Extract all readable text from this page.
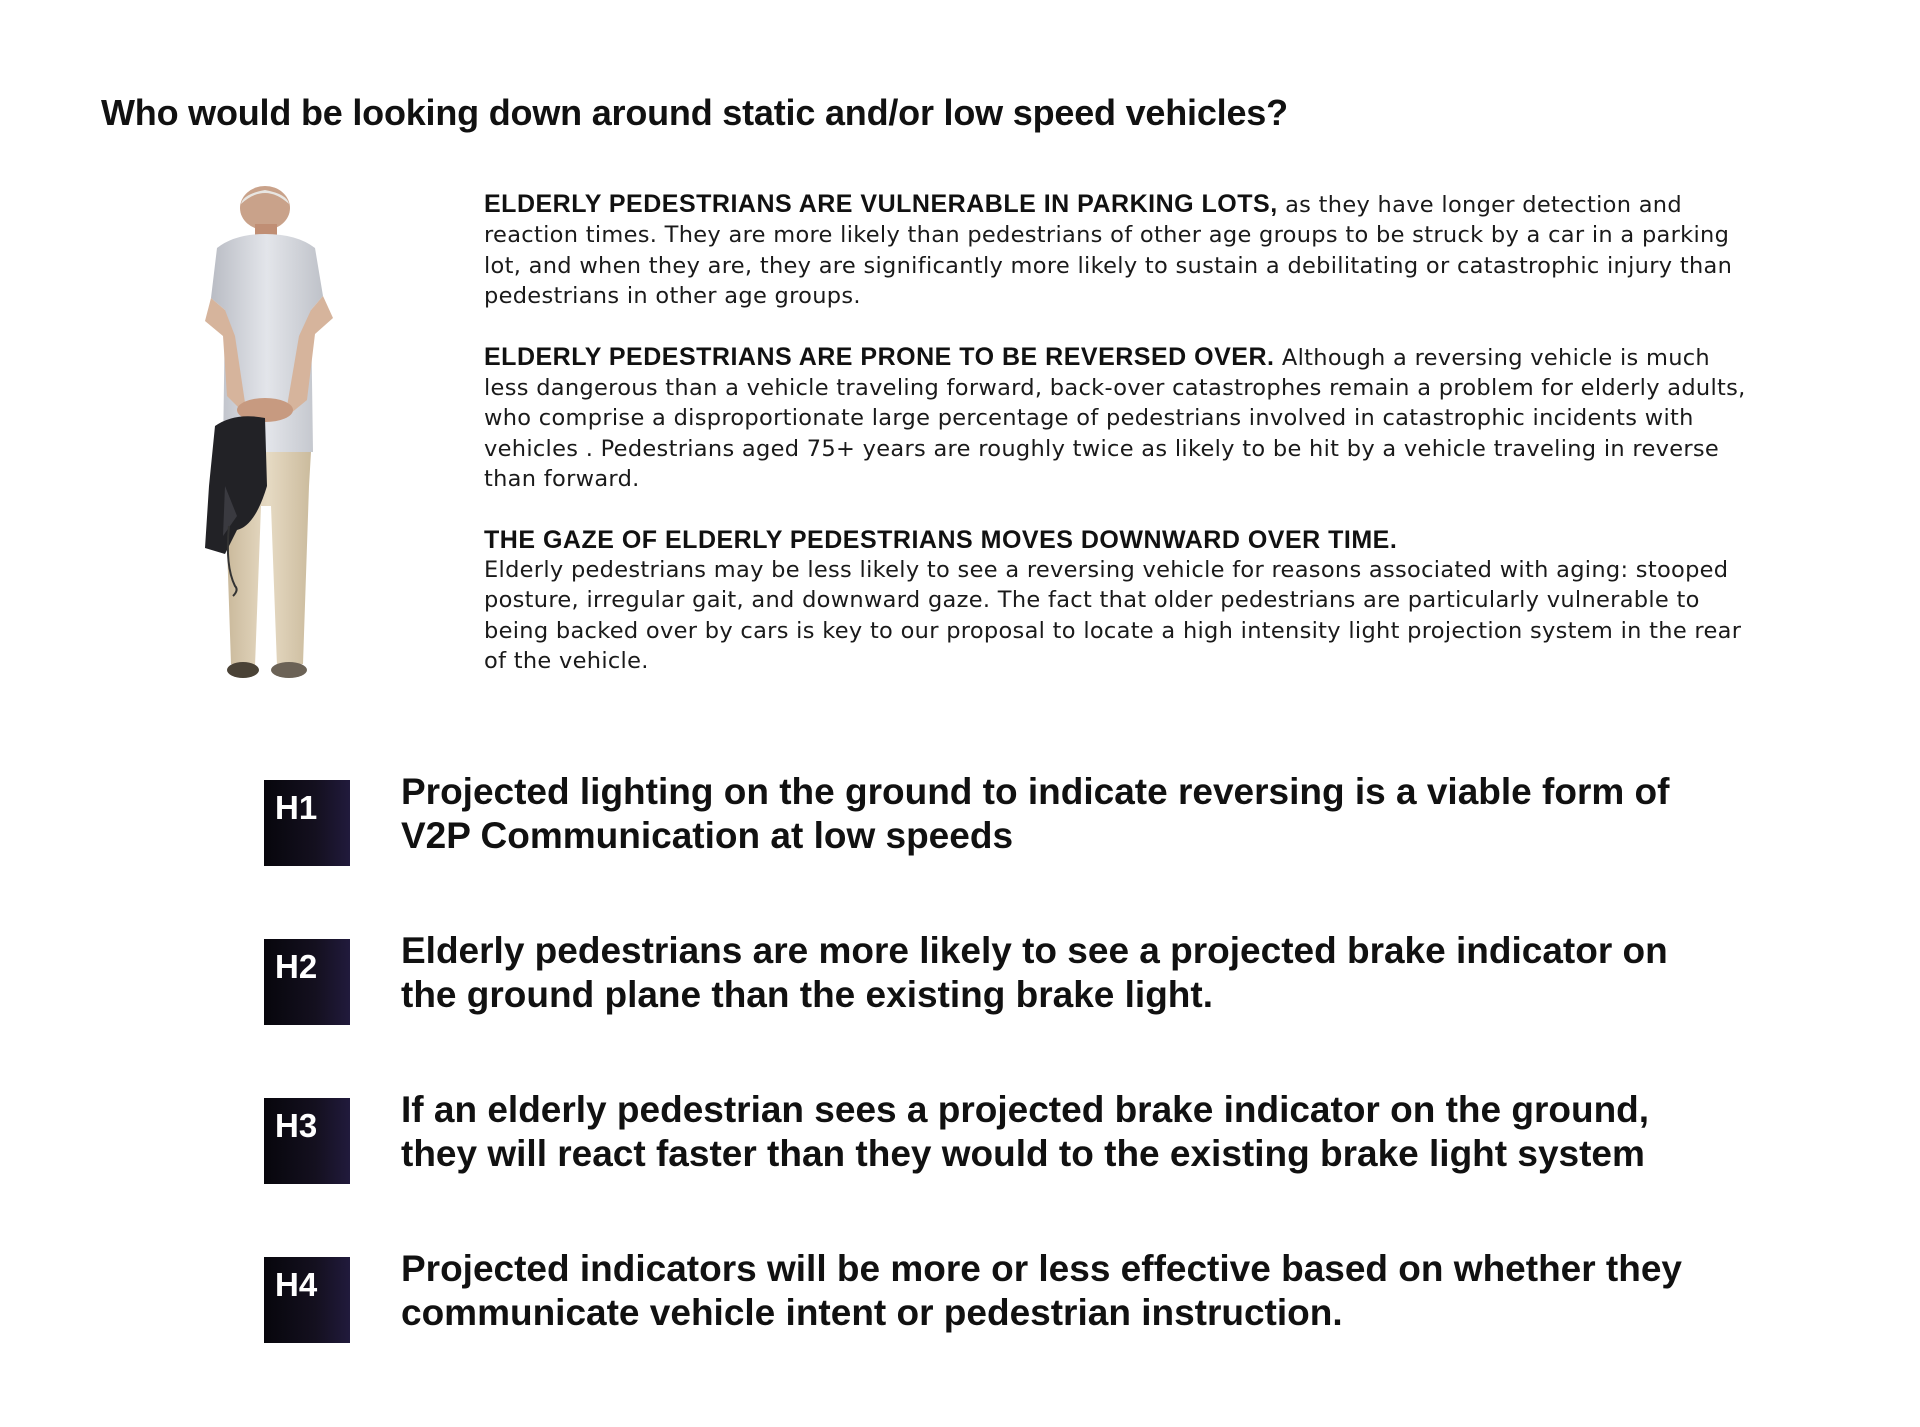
Who would be looking down around static and/or low speed vehicles?

ELDERLY PEDESTRIANS ARE VULNERABLE IN PARKING LOTS, as they have longer detection and reaction times. They are more likely than pedestrians of other age groups to be struck by a car in a parking lot, and when they are, they are significantly more likely to sustain a debilitating or catastrophic injury than pedestrians in other age groups.

ELDERLY PEDESTRIANS ARE PRONE TO BE REVERSED OVER. Although a reversing vehicle is much less dangerous than a vehicle traveling forward, back-over catastrophes remain a problem for elderly adults, who comprise a disproportionate large percentage of pedestrians involved in catastrophic incidents with vehicles . Pedestrians aged 75+ years are roughly twice as likely to be hit by a vehicle traveling in reverse than forward.

THE GAZE OF ELDERLY PEDESTRIANS MOVES DOWNWARD OVER TIME.
Elderly pedestrians may be less likely to see a reversing vehicle for reasons associated with aging: stooped posture, irregular gait, and downward gaze. The fact that older pedestrians are particularly vulnerable to being backed over by cars is key to our proposal to locate a high intensity light projection system in the rear of the vehicle.

H1	Projected lighting on the ground to indicate reversing is a viable form of V2P Communication at low speeds

H2	Elderly pedestrians are more likely to see a projected brake indicator on the ground plane than the existing brake light.

H3	If an elderly pedestrian sees a projected brake indicator on the ground, they will react faster than they would to the existing brake light system

H4	Projected indicators will be more or less effective based on whether they communicate vehicle intent or pedestrian instruction.
